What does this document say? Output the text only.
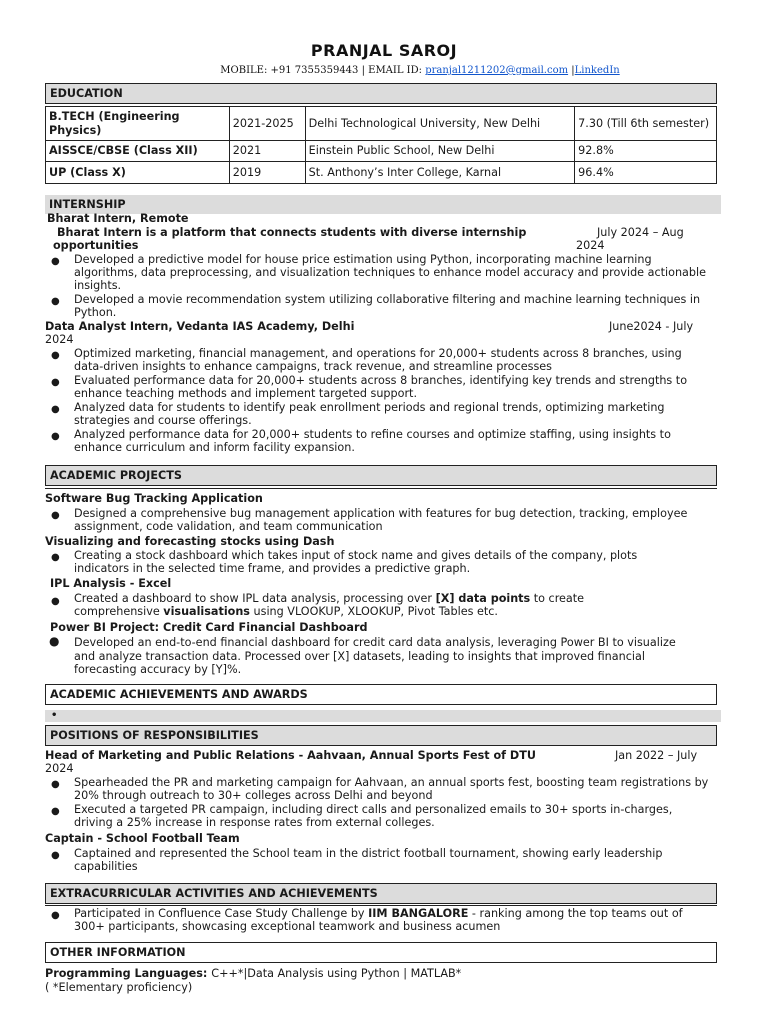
PRANJAL SAROJ
MOBILE: +91 7355359443 | EMAIL ID: pranjal1211202@gmail.com |LinkedIn
EDUCATION
B.TECH (Engineering Physics)	2021-2025	Delhi Technological University, New Delhi	7.30 (Till 6th semester)
AISSCE/CBSE (Class XII)	2021	Einstein Public School, New Delhi	92.8%
UP (Class X)	2019	St. Anthony’s Inter College, Karnal	96.4%
INTERNSHIP
Bharat Intern, Remote
Bharat Intern is a platform that connects students with diverse internship
opportunities
July 2024 – Aug
2024
● Developed a predictive model for house price estimation using Python, incorporating machine learning
algorithms, data preprocessing, and visualization techniques to enhance model accuracy and provide actionable
insights.
● Developed a movie recommendation system utilizing collaborative filtering and machine learning techniques in
Python.
Data Analyst Intern, Vedanta IAS Academy, Delhi	June2024 - July
2024
● Optimized marketing, financial management, and operations for 20,000+ students across 8 branches, using
data-driven insights to enhance campaigns, track revenue, and streamline processes
● Evaluated performance data for 20,000+ students across 8 branches, identifying key trends and strengths to
enhance teaching methods and implement targeted support.
● Analyzed data for students to identify peak enrollment periods and regional trends, optimizing marketing
strategies and course offerings.
● Analyzed performance data for 20,000+ students to refine courses and optimize staffing, using insights to
enhance curriculum and inform facility expansion.
ACADEMIC PROJECTS
Software Bug Tracking Application
● Designed a comprehensive bug management application with features for bug detection, tracking, employee
assignment, code validation, and team communication
Visualizing and forecasting stocks using Dash
● Creating a stock dashboard which takes input of stock name and gives details of the company, plots
indicators in the selected time frame, and provides a predictive graph.
IPL Analysis - Excel
● Created a dashboard to show IPL data analysis, processing over [X] data points to create
comprehensive visualisations using VLOOKUP, XLOOKUP, Pivot Tables etc.
Power BI Project: Credit Card Financial Dashboard
● Developed an end-to-end financial dashboard for credit card data analysis, leveraging Power BI to visualize
and analyze transaction data. Processed over [X] datasets, leading to insights that improved financial
forecasting accuracy by [Y]%.
ACADEMIC ACHIEVEMENTS AND AWARDS
•
POSITIONS OF RESPONSIBILITIES
Head of Marketing and Public Relations - Aahvaan, Annual Sports Fest of DTU	Jan 2022 – July
2024
● Spearheaded the PR and marketing campaign for Aahvaan, an annual sports fest, boosting team registrations by
20% through outreach to 30+ colleges across Delhi and beyond
● Executed a targeted PR campaign, including direct calls and personalized emails to 30+ sports in-charges,
driving a 25% increase in response rates from external colleges.
Captain - School Football Team
● Captained and represented the School team in the district football tournament, showing early leadership
capabilities
EXTRACURRICULAR ACTIVITIES AND ACHIEVEMENTS
● Participated in Confluence Case Study Challenge by IIM BANGALORE - ranking among the top teams out of
300+ participants, showcasing exceptional teamwork and business acumen
OTHER INFORMATION
Programming Languages: C++*|Data Analysis using Python | MATLAB*
( *Elementary proficiency)
